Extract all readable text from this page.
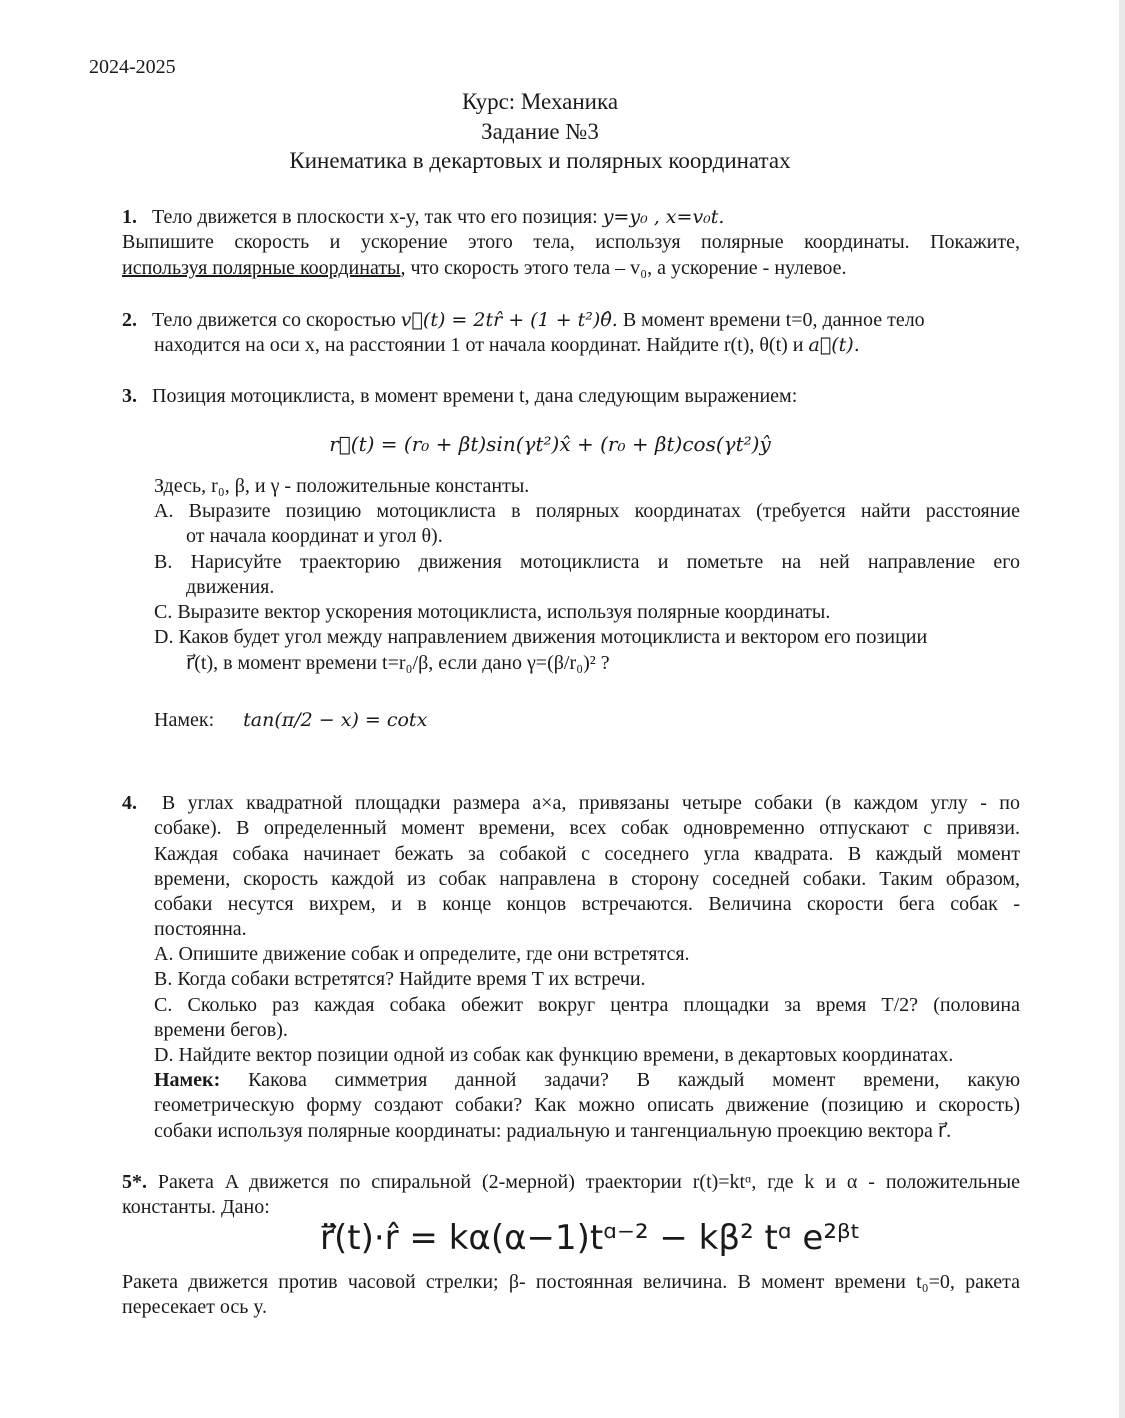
2024-2025
Курс: Механика
Задание №3
Кинематика в декартовых и полярных координатах
1. Тело движется в плоскости x-y, так что его позиция: y=y₀ , x=v₀t.
Выпишите скорость и ускорение этого тела, используя полярные координаты. Покажите,
используя полярные координаты, что скорость этого тела – v₀, а ускорение - нулевое.
2. Тело движется со скоростью v⃗(t) = 2tr̂ + (1 + t²)θ̂. В момент времени t=0, данное тело
находится на оси x, на расстоянии 1 от начала координат. Найдите r(t), θ(t) и a⃗(t).
3. Позиция мотоциклиста, в момент времени t, дана следующим выражением:
r⃗(t) = (r₀ + βt)sin(γt²)x̂ + (r₀ + βt)cos(γt²)ŷ
Здесь, r₀, β, и γ - положительные константы.
A. Выразите позицию мотоциклиста в полярных координатах (требуется найти расстояние
от начала координат и угол θ).
B. Нарисуйте траекторию движения мотоциклиста и пометьте на ней направление его
движения.
C. Выразите вектор ускорения мотоциклиста, используя полярные координаты.
D. Каков будет угол между направлением движения мотоциклиста и вектором его позиции
r⃗(t), в момент времени t=r₀/β, если дано γ=(β/r₀)² ?
Намек: tan(π/2 − x) = cotx
4. В углах квадратной площадки размера a×a, привязаны четыре собаки (в каждом углу - по
собаке). В определенный момент времени, всех собак одновременно отпускают с привязи.
Каждая собака начинает бежать за собакой с соседнего угла квадрата. В каждый момент
времени, скорость каждой из собак направлена в сторону соседней собаки. Таким образом,
собаки несутся вихрем, и в конце концов встречаются. Величина скорости бега собак -
постоянна.
A. Опишите движение собак и определите, где они встретятся.
B. Когда собаки встретятся? Найдите время T их встречи.
C. Сколько раз каждая собака обежит вокруг центра площадки за время T/2? (половина
времени бегов).
D. Найдите вектор позиции одной из собак как функцию времени, в декартовых координатах.
Намек: Какова симметрия данной задачи? В каждый момент времени, какую
геометрическую форму создают собаки? Как можно описать движение (позицию и скорость)
собаки используя полярные координаты: радиальную и тангенциальную проекцию вектора r⃗.
5*. Ракета A движется по спиральной (2-мерной) траектории r(t)=ktᵅ, где k и α - положительные
константы. Дано:
r̈⃗(t)·r̂ = kα(α−1)tᵅ⁻² − kβ² tᵅ e²ᵝᵗ
Ракета движется против часовой стрелки; β- постоянная величина. В момент времени t₀=0, ракета
пересекает ось y.
